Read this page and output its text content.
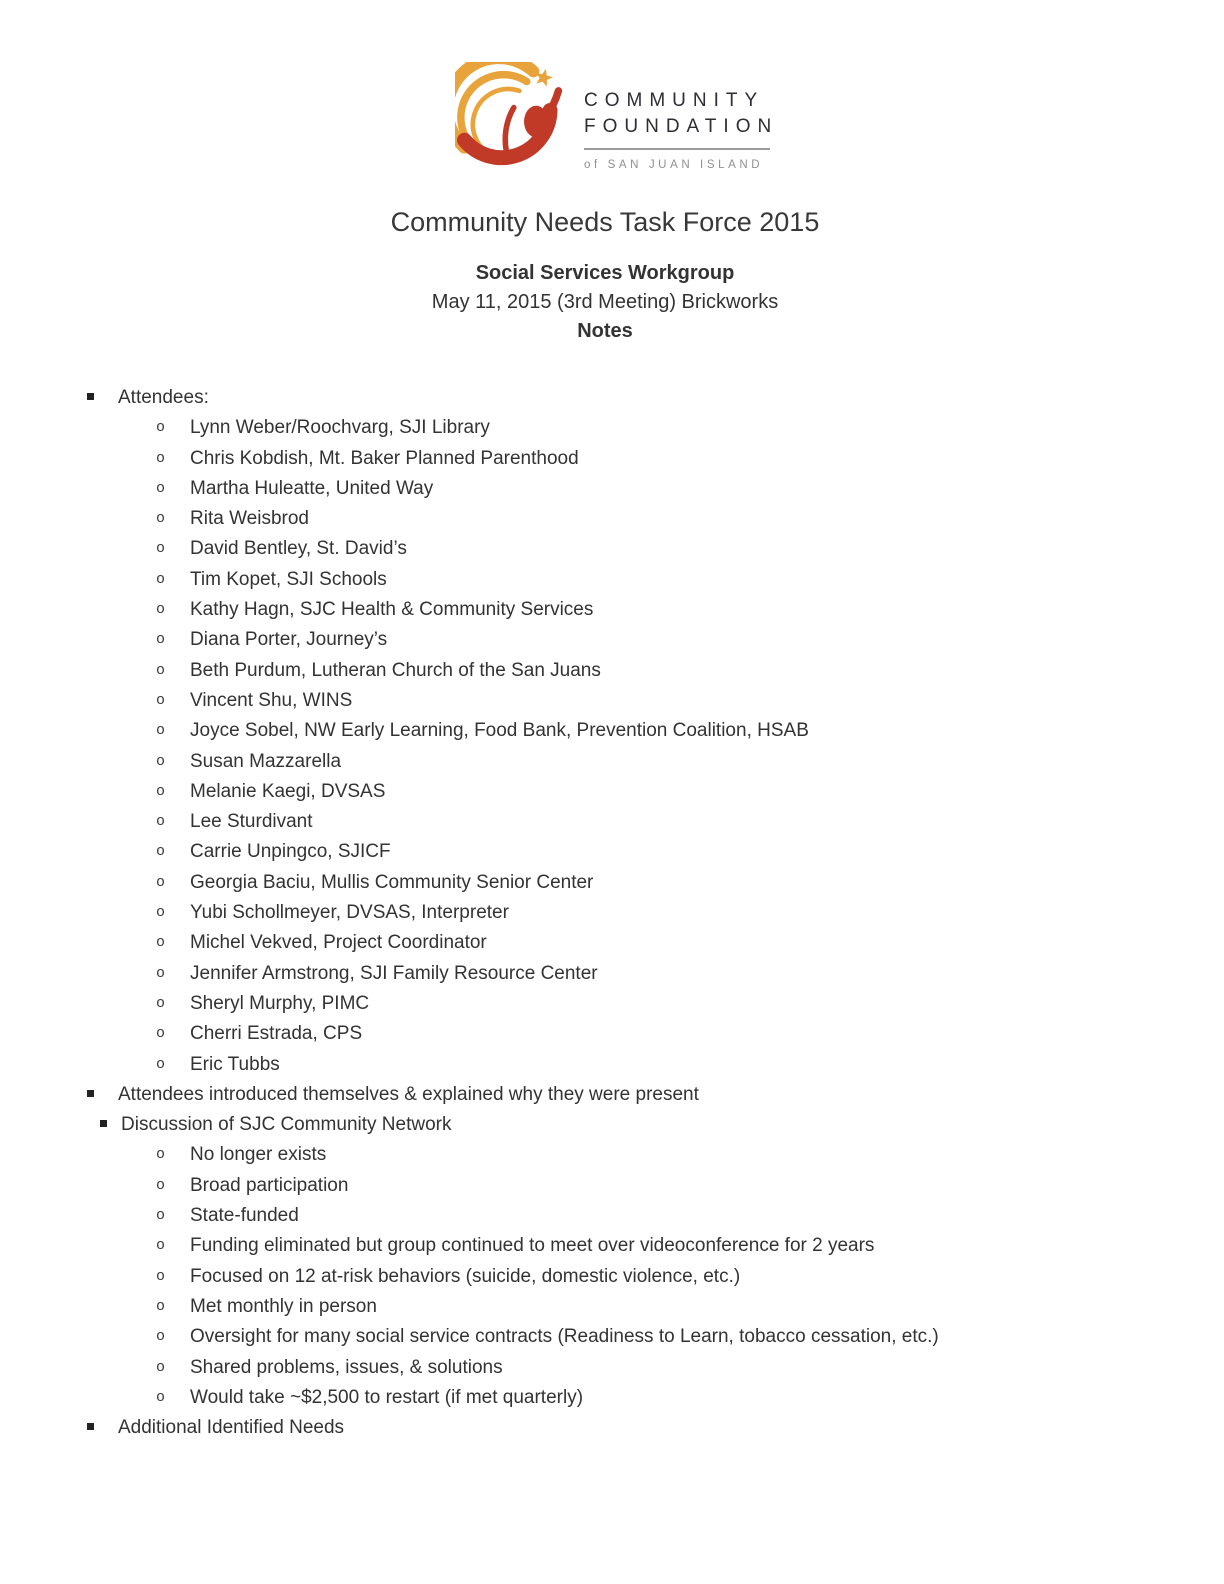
COMMUNITY
FOUNDATION
of SAN JUAN ISLAND
Community Needs Task Force 2015
Social Services Workgroup
May 11, 2015 (3rd Meeting) Brickworks
Notes
Attendees:
o Lynn Weber/Roochvarg, SJI Library
o Chris Kobdish, Mt. Baker Planned Parenthood
o Martha Huleatte, United Way
o Rita Weisbrod
o David Bentley, St. David’s
o Tim Kopet, SJI Schools
o Kathy Hagn, SJC Health & Community Services
o Diana Porter, Journey’s
o Beth Purdum, Lutheran Church of the San Juans
o Vincent Shu, WINS
o Joyce Sobel, NW Early Learning, Food Bank, Prevention Coalition, HSAB
o Susan Mazzarella
o Melanie Kaegi, DVSAS
o Lee Sturdivant
o Carrie Unpingco, SJICF
o Georgia Baciu, Mullis Community Senior Center
o Yubi Schollmeyer, DVSAS, Interpreter
o Michel Vekved, Project Coordinator
o Jennifer Armstrong, SJI Family Resource Center
o Sheryl Murphy, PIMC
o Cherri Estrada, CPS
o Eric Tubbs
Attendees introduced themselves & explained why they were present
Discussion of SJC Community Network
o No longer exists
o Broad participation
o State-funded
o Funding eliminated but group continued to meet over videoconference for 2 years
o Focused on 12 at-risk behaviors (suicide, domestic violence, etc.)
o Met monthly in person
o Oversight for many social service contracts (Readiness to Learn, tobacco cessation, etc.)
o Shared problems, issues, & solutions
o Would take ~$2,500 to restart (if met quarterly)
Additional Identified Needs
